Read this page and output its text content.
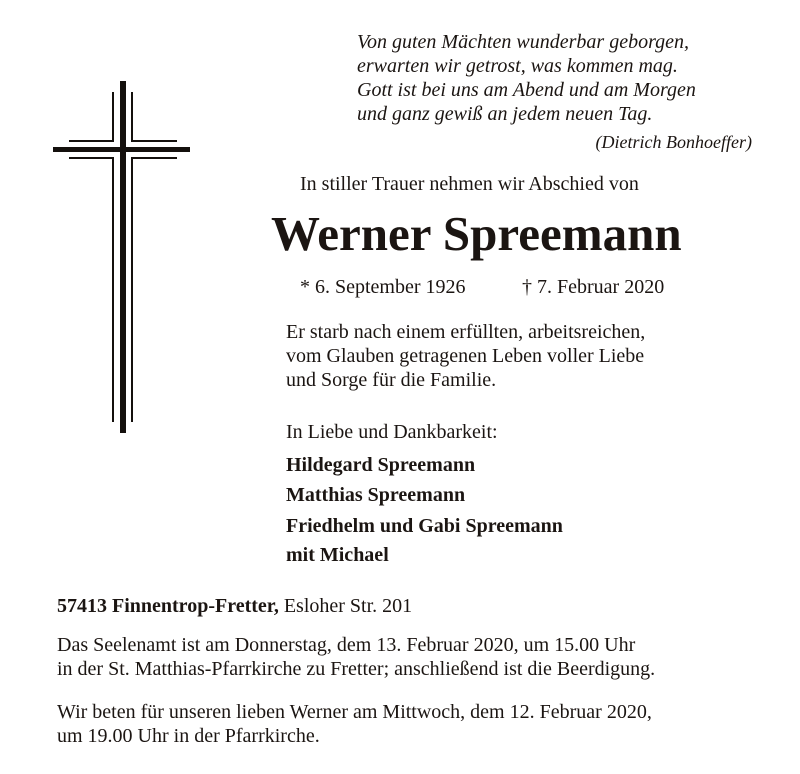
Von guten Mächten wunderbar geborgen,
erwarten wir getrost, was kommen mag.
Gott ist bei uns am Abend und am Morgen
und ganz gewiß an jedem neuen Tag.
(Dietrich Bonhoeffer)
In stiller Trauer nehmen wir Abschied von
Werner Spreemann
* 6. September 1926	† 7. Februar 2020
Er starb nach einem erfüllten, arbeitsreichen,
vom Glauben getragenen Leben voller Liebe
und Sorge für die Familie.
In Liebe und Dankbarkeit:
Hildegard Spreemann
Matthias Spreemann
Friedhelm und Gabi Spreemann
mit Michael
57413 Finnentrop-Fretter, Esloher Str. 201
Das Seelenamt ist am Donnerstag, dem 13. Februar 2020, um 15.00 Uhr
in der St. Matthias-Pfarrkirche zu Fretter; anschließend ist die Beerdigung.
Wir beten für unseren lieben Werner am Mittwoch, dem 12. Februar 2020,
um 19.00 Uhr in der Pfarrkirche.
